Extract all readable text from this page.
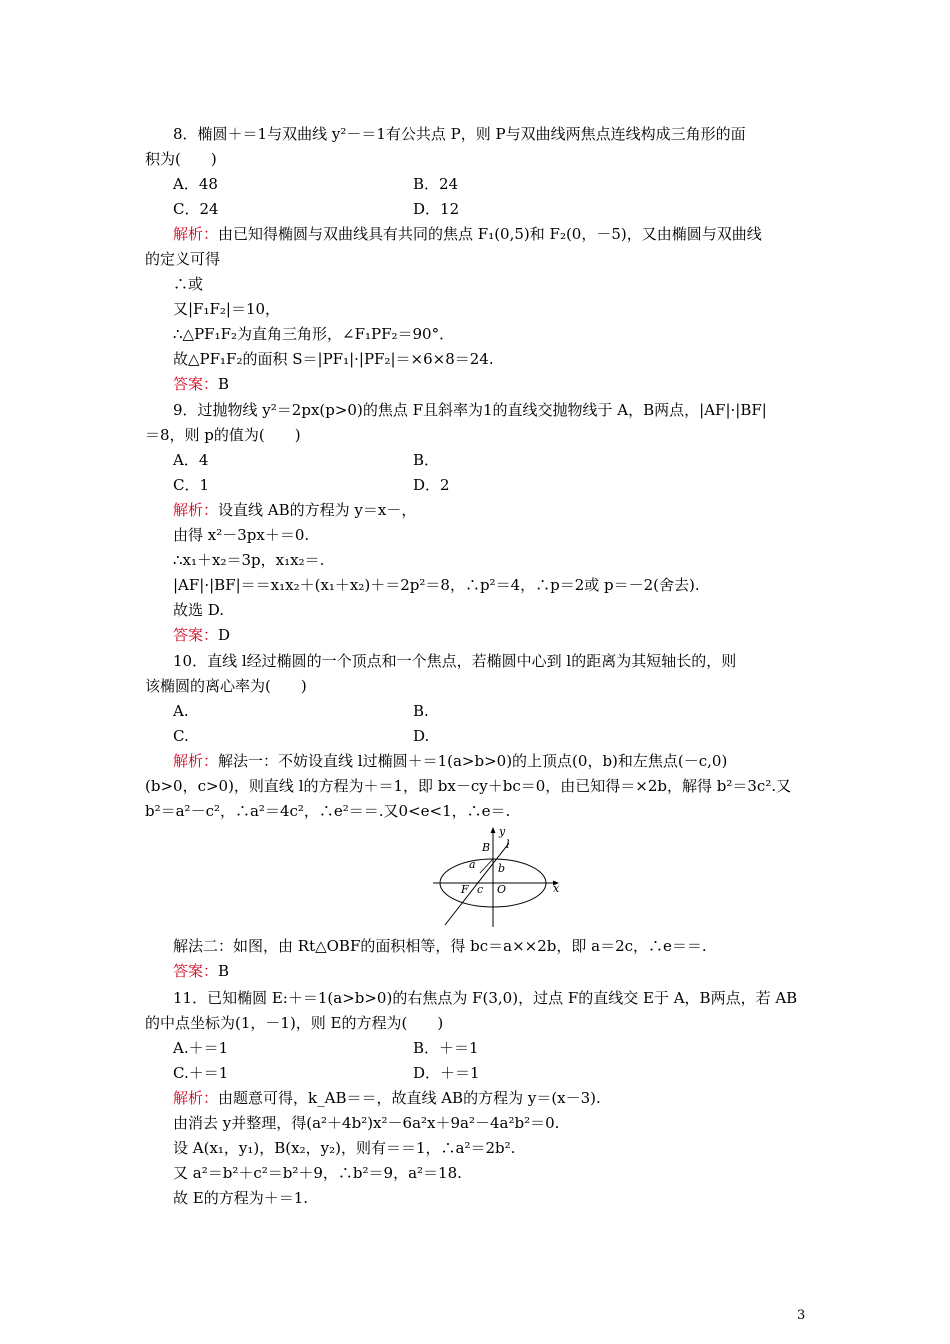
8．椭圆＋＝1与双曲线 y²－＝1有公共点 P，则 P与双曲线两焦点连线构成三角形的面
积为(　　)
A．48	B．24
C．24	D．12
解析：由已知得椭圆与双曲线具有共同的焦点 F₁(0,5)和 F₂(0，－5)，又由椭圆与双曲线
的定义可得
∴或
又|F₁F₂|＝10，
∴△PF₁F₂为直角三角形，∠F₁PF₂＝90°．
故△PF₁F₂的面积 S＝|PF₁|·|PF₂|＝×6×8＝24.
答案：B
9．过抛物线 y²＝2px(p>0)的焦点 F且斜率为1的直线交抛物线于 A，B两点，|AF|·|BF|
＝8，则 p的值为(　　)
A．4	B．
C．1	D．2
解析：设直线 AB的方程为 y＝x－，
由得 x²－3px＋＝0.
∴x₁＋x₂＝3p，x₁x₂＝.
|AF|·|BF|＝＝x₁x₂＋(x₁＋x₂)＋＝2p²＝8，∴p²＝4，∴p＝2或 p＝－2(舍去).
故选 D.
答案：D
10．直线 l经过椭圆的一个顶点和一个焦点，若椭圆中心到 l的距离为其短轴长的，则
该椭圆的离心率为(　　)
A.	B.
C.	D.
解析：解法一：不妨设直线 l过椭圆＋＝1(a>b>0)的上顶点(0，b)和左焦点(－c,0)
(b>0，c>0)，则直线 l的方程为＋＝1，即 bx－cy＋bc＝0，由已知得＝×2b，解得 b²＝3c².又
b²＝a²－c²，∴a²＝4c²，∴e²＝＝.又0<e<1，∴e＝.
y
B l
a b
F c O	x
解法二：如图，由 Rt△OBF的面积相等，得 bc＝a××2b，即 a＝2c，∴e＝＝.
答案：B
11．已知椭圆 E:＋＝1(a>b>0)的右焦点为 F(3,0)，过点 F的直线交 E于 A，B两点，若 AB
的中点坐标为(1，－1)，则 E的方程为(　　)
A.＋＝1	B．＋＝1
C.＋＝1	D．＋＝1
解析：由题意可得，k_AB＝＝，故直线 AB的方程为 y＝(x－3).
由消去 y并整理，得(a²＋4b²)x²－6a²x＋9a²－4a²b²＝0.
设 A(x₁，y₁)，B(x₂，y₂)，则有＝＝1，∴a²＝2b².
又 a²＝b²＋c²＝b²＋9，∴b²＝9，a²＝18.
故 E的方程为＋＝1.
3
